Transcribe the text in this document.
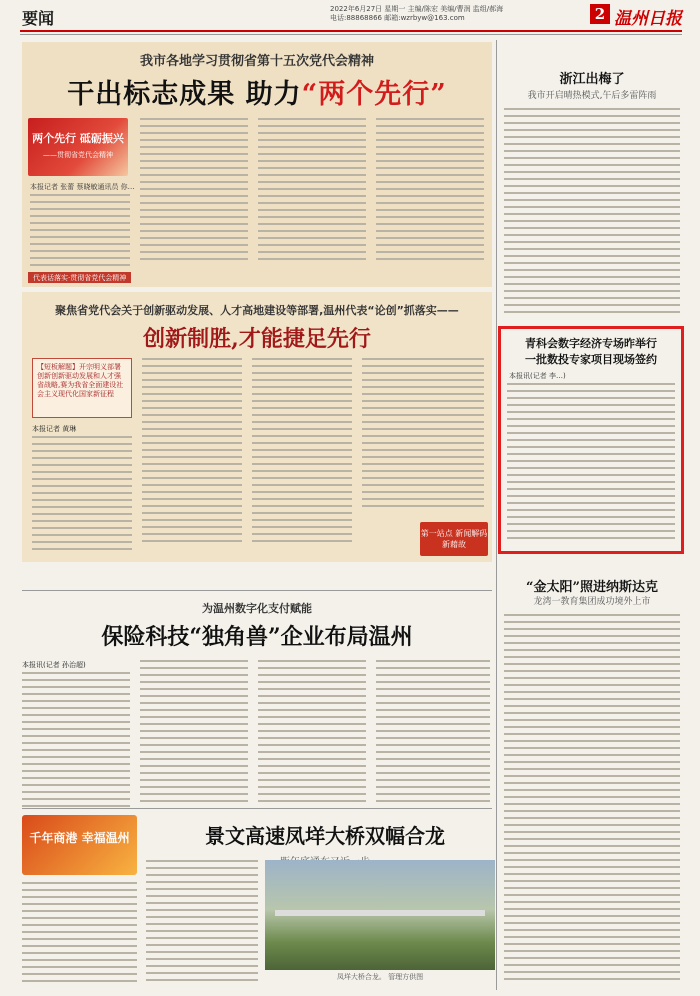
要闻	2022年6月27日 星期一 主编/陈宏 美编/曹润 监组/郝海
电话:88868866 邮箱:wzrbyw@163.com	2 温州日报
我市各地学习贯彻省第十五次党代会精神
干出标志成果 助力“两个先行”
两个先行 砥砺振兴
——贯彻省党代会精神
本报记者 张蕾 蔡晓敏通讯员 你…
代表话落实·贯彻省党代会精神
聚焦省党代会关于创新驱动发展、人才高地建设等部署,温州代表“论创”抓落实——
创新制胜,才能捷足先行
【短板解题】开宗明义部署创新创新驱动发展和人才强省战略,赛为我省全面建设社会主义现代化国家新征程
本报记者 黄琳
第一站点 新闻解码新藉故
为温州数字化支付赋能
保险科技“独角兽”企业布局温州
本报讯(记者 孙治超)
千年商港 幸福温州	景文高速凤垟大桥双幅合龙
凤垟大桥合龙。 管理方供图
浙江出梅了
我市开启晴热模式,午后多雷阵雨
青科会数字经济专场昨举行
一批数投专家项目现场签约
本报讯(记者 李…)
“金太阳”照进纳斯达克
龙湾一教育集团成功境外上市
